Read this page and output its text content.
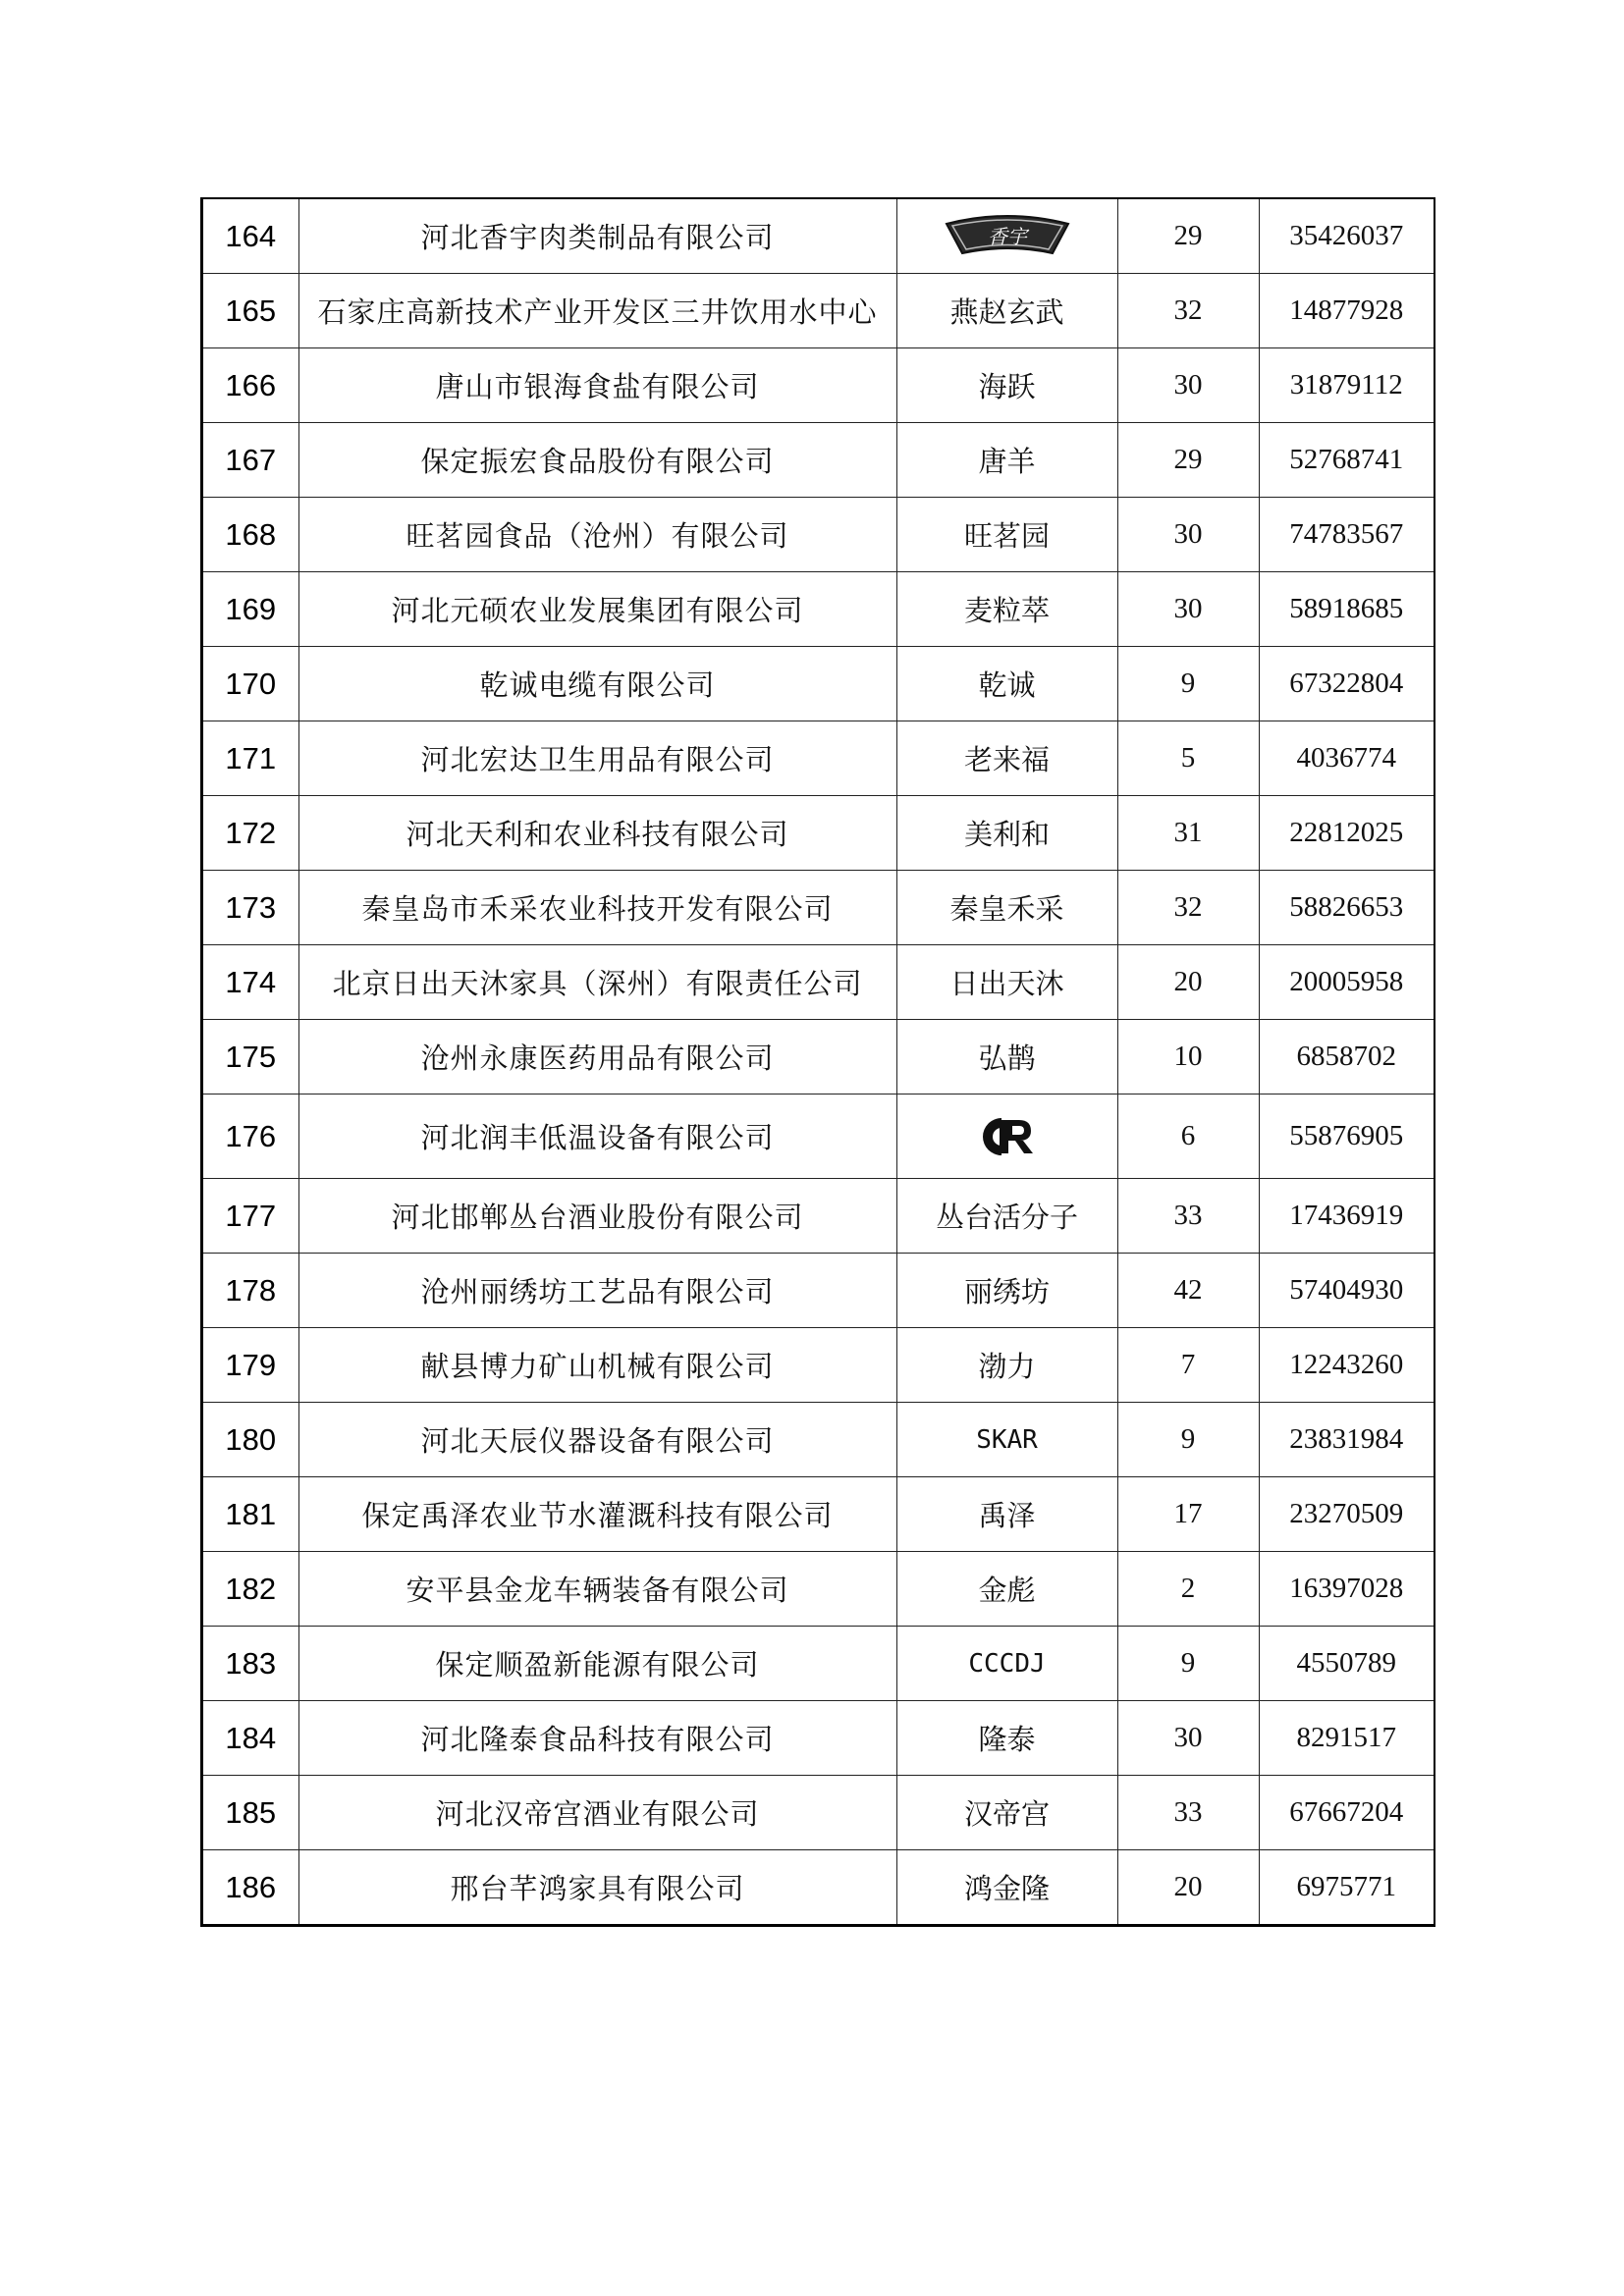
164	河北香宇肉类制品有限公司	香宇	29	35426037
165	石家庄高新技术产业开发区三井饮用水中心	燕赵玄武	32	14877928
166	唐山市银海食盐有限公司	海跃	30	31879112
167	保定振宏食品股份有限公司	唐羊	29	52768741
168	旺茗园食品（沧州）有限公司	旺茗园	30	74783567
169	河北元硕农业发展集团有限公司	麦粒萃	30	58918685
170	乾诚电缆有限公司	乾诚	9	67322804
171	河北宏达卫生用品有限公司	老来福	5	4036774
172	河北天利和农业科技有限公司	美利和	31	22812025
173	秦皇岛市禾采农业科技开发有限公司	秦皇禾采	32	58826653
174	北京日出天沐家具（深州）有限责任公司	日出天沐	20	20005958
175	沧州永康医药用品有限公司	弘鹊	10	6858702
176	河北润丰低温设备有限公司		6	55876905
177	河北邯郸丛台酒业股份有限公司	丛台活分子	33	17436919
178	沧州丽绣坊工艺品有限公司	丽绣坊	42	57404930
179	献县博力矿山机械有限公司	渤力	7	12243260
180	河北天辰仪器设备有限公司	SKAR	9	23831984
181	保定禹泽农业节水灌溉科技有限公司	禹泽	17	23270509
182	安平县金龙车辆装备有限公司	金彪	2	16397028
183	保定顺盈新能源有限公司	CCCDJ	9	4550789
184	河北隆泰食品科技有限公司	隆泰	30	8291517
185	河北汉帝宫酒业有限公司	汉帝宫	33	67667204
186	邢台芊鸿家具有限公司	鸿金隆	20	6975771
